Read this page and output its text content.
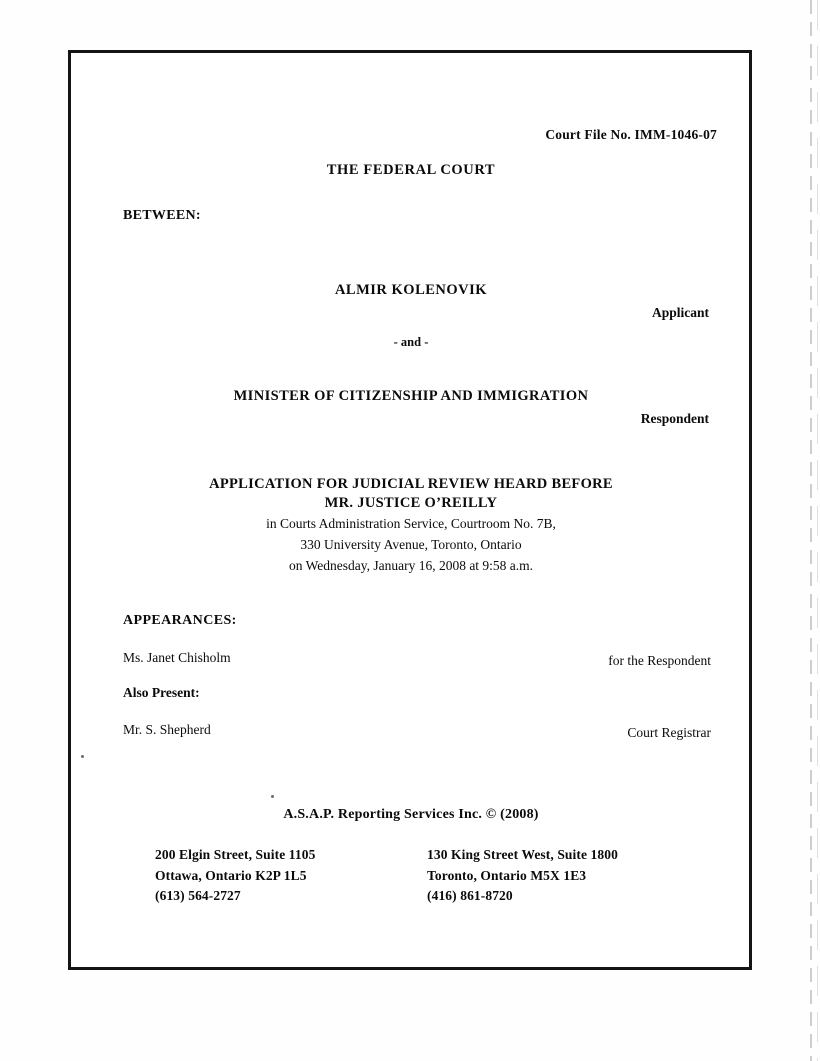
Court File No. IMM-1046-07
THE FEDERAL COURT
BETWEEN:
ALMIR KOLENOVIK
Applicant
- and -
MINISTER OF CITIZENSHIP AND IMMIGRATION
Respondent
APPLICATION FOR JUDICIAL REVIEW HEARD BEFORE
MR. JUSTICE O’REILLY
in Courts Administration Service, Courtroom No. 7B,
330 University Avenue, Toronto, Ontario
on Wednesday, January 16, 2008 at 9:58 a.m.
APPEARANCES:
Ms. Janet Chisholm	for the Respondent
Also Present:
Mr. S. Shepherd	Court Registrar
A.S.A.P. Reporting Services Inc. © (2008)
200 Elgin Street, Suite 1105
Ottawa, Ontario K2P 1L5
(613) 564-2727
130 King Street West, Suite 1800
Toronto, Ontario M5X 1E3
(416) 861-8720
